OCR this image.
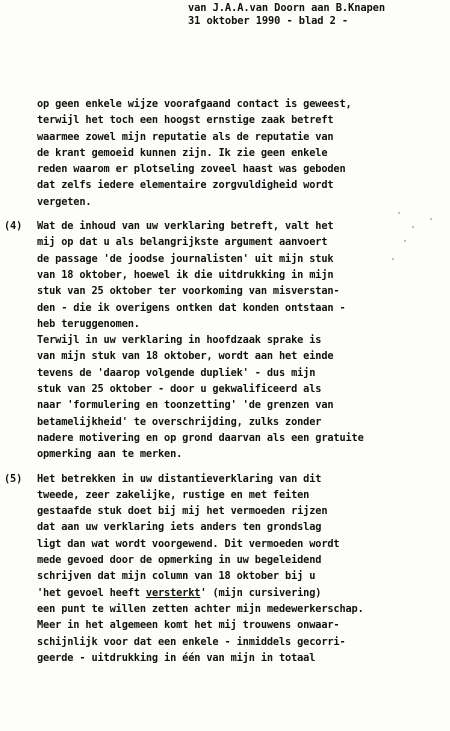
van J.A.A.van Doorn aan B.Knapen
31 oktober 1990 - blad 2 -
op geen enkele wijze voorafgaand contact is geweest,
terwijl het toch een hoogst ernstige zaak betreft
waarmee zowel mijn reputatie als de reputatie van
de krant gemoeid kunnen zijn. Ik zie geen enkele
reden waarom er plotseling zoveel haast was geboden
dat zelfs iedere elementaire zorgvuldigheid wordt
vergeten.
(4) Wat de inhoud van uw verklaring betreft, valt het
mij op dat u als belangrijkste argument aanvoert
de passage 'de joodse journalisten' uit mijn stuk
van 18 oktober, hoewel ik die uitdrukking in mijn
stuk van 25 oktober ter voorkoming van misverstan-
den - die ik overigens ontken dat konden ontstaan -
heb teruggenomen.
Terwijl in uw verklaring in hoofdzaak sprake is
van mijn stuk van 18 oktober, wordt aan het einde
tevens de 'daarop volgende dupliek' - dus mijn
stuk van 25 oktober - door u gekwalificeerd als
naar 'formulering en toonzetting' 'de grenzen van
betamelijkheid' te overschrijding, zulks zonder
nadere motivering en op grond daarvan als een gratuite
opmerking aan te merken.
(5) Het betrekken in uw distantieverklaring van dit
tweede, zeer zakelijke, rustige en met feiten
gestaafde stuk doet bij mij het vermoeden rijzen
dat aan uw verklaring iets anders ten grondslag
ligt dan wat wordt voorgewend. Dit vermoeden wordt
mede gevoed door de opmerking in uw begeleidend
schrijven dat mijn column van 18 oktober bij u
'het gevoel heeft versterkt' (mijn cursivering)
een punt te willen zetten achter mijn medewerkerschap.
Meer in het algemeen komt het mij trouwens onwaar-
schijnlijk voor dat een enkele - inmiddels gecorri-
geerde - uitdrukking in één van mijn in totaal
